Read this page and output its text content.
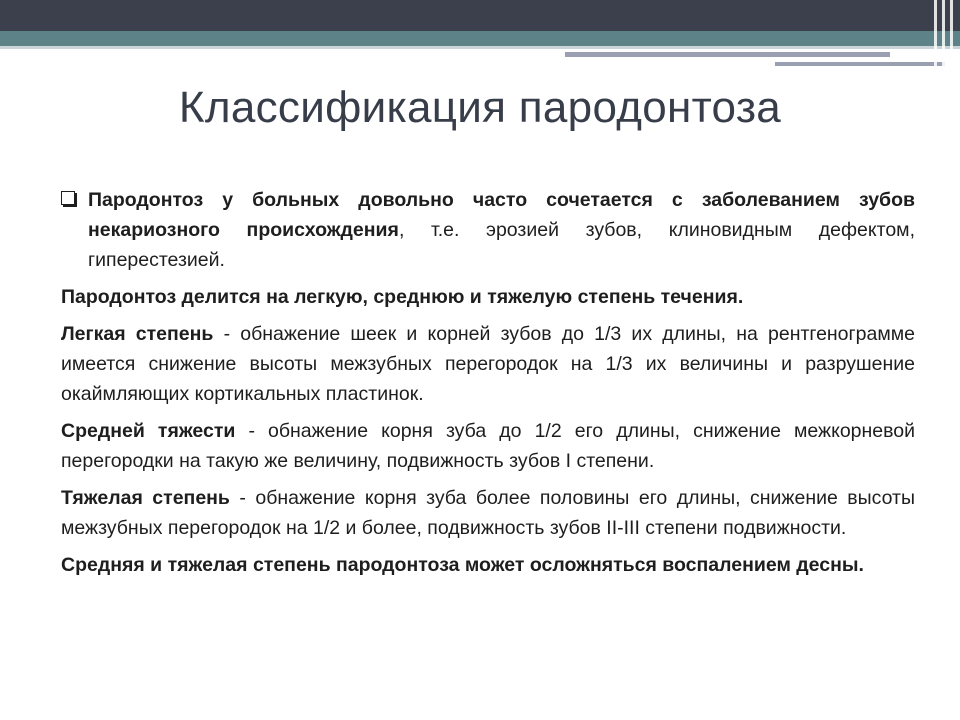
Классификация пародонтоза

Пародонтоз у больных довольно часто сочетается с заболеванием зубов некариозного происхождения, т.е. эрозией зубов, клиновидным дефектом, гиперестезией.

Пародонтоз делится на легкую, среднюю и тяжелую степень течения.

Легкая степень - обнажение шеек и корней зубов до 1/3 их длины, на рентгенограмме имеется снижение высоты межзубных перегородок на 1/3 их величины и разрушение окаймляющих кортикальных пластинок.

Средней тяжести - обнажение корня зуба до 1/2 его длины, снижение межкорневой перегородки на такую же величину, подвижность зубов I степени.

Тяжелая степень - обнажение корня зуба более половины его длины, снижение высоты межзубных перегородок на 1/2 и более, подвижность зубов II-III степени подвижности.

Средняя и тяжелая степень пародонтоза может осложняться воспалением десны.
